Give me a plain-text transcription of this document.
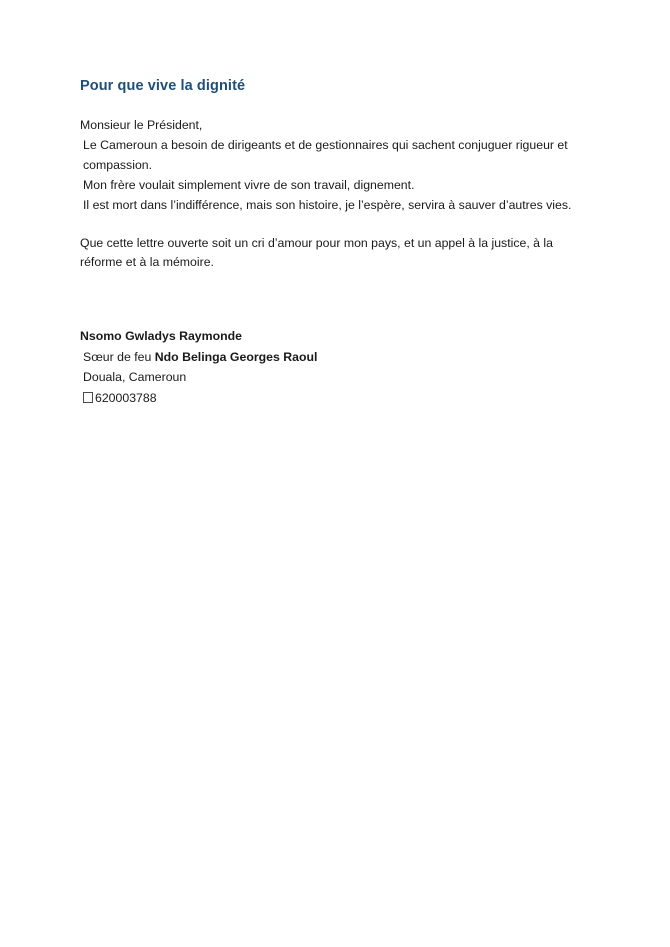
Pour que vive la dignité

Monsieur le Président,

Le Cameroun a besoin de dirigeants et de gestionnaires qui sachent conjuguer rigueur et compassion.

Mon frère voulait simplement vivre de son travail, dignement.

Il est mort dans l’indifférence, mais son histoire, je l’espère, servira à sauver d’autres vies.

Que cette lettre ouverte soit un cri d’amour pour mon pays, et un appel à la justice, à la réforme et à la mémoire.

Nsomo Gwladys Raymonde

Sœur de feu Ndo Belinga Georges Raoul

Douala, Cameroun

620003788
